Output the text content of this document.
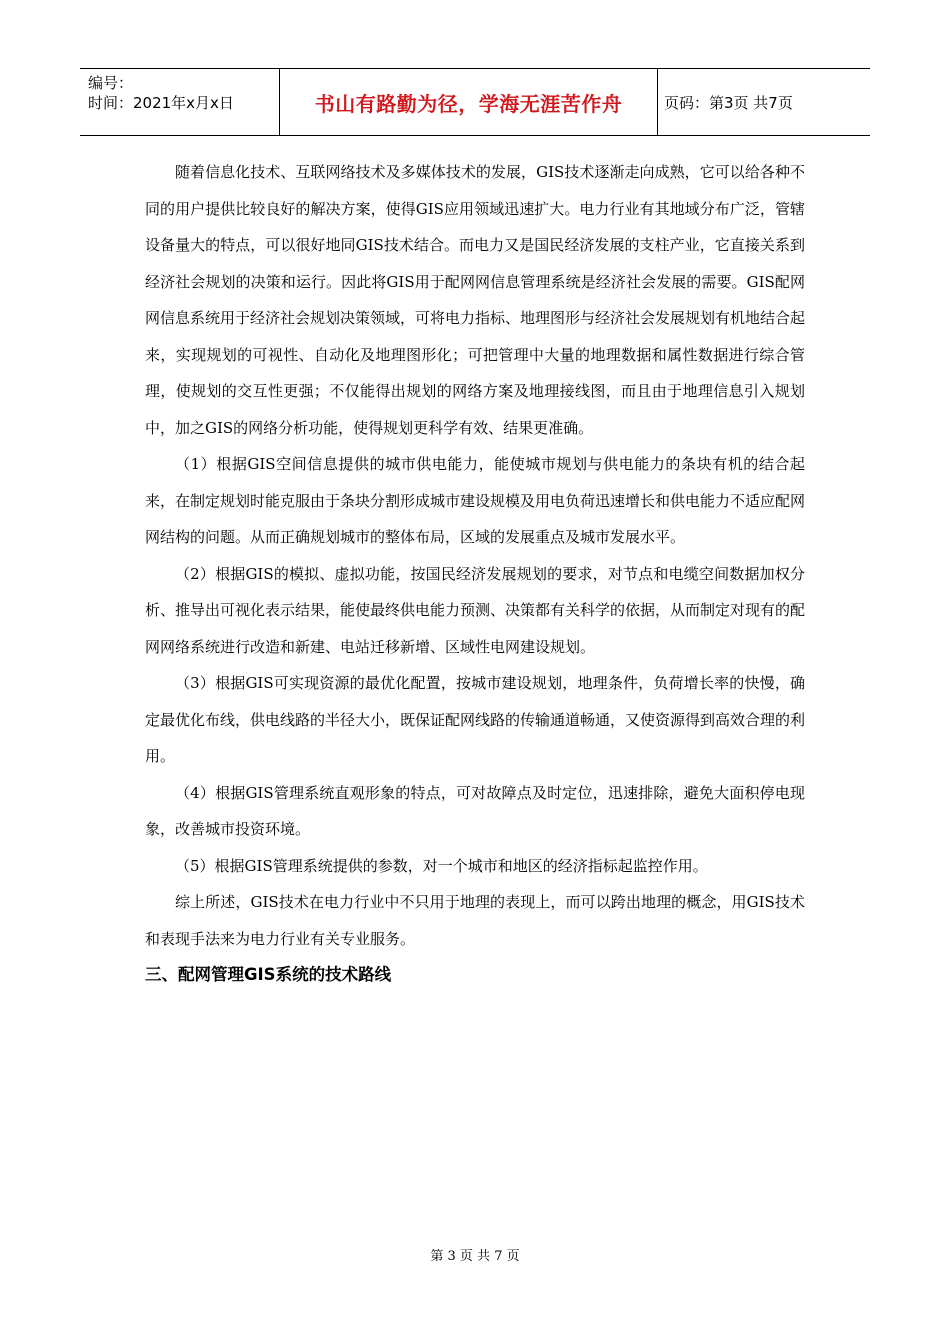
编号：
时间：2021年x月x日	书山有路勤为径，学海无涯苦作舟	页码：第3页 共7页

随着信息化技术、互联网络技术及多媒体技术的发展，GIS技术逐渐走向成熟，它可以给各种不同的用户提供比较良好的解决方案，使得GIS应用领域迅速扩大。电力行业有其地域分布广泛，管辖设备量大的特点，可以很好地同GIS技术结合。而电力又是国民经济发展的支柱产业，它直接关系到经济社会规划的决策和运行。因此将GIS用于配网网信息管理系统是经济社会发展的需要。GIS配网网信息系统用于经济社会规划决策领域，可将电力指标、地理图形与经济社会发展规划有机地结合起来，实现规划的可视性、自动化及地理图形化；可把管理中大量的地理数据和属性数据进行综合管理，使规划的交互性更强；不仅能得出规划的网络方案及地理接线图，而且由于地理信息引入规划中，加之GIS的网络分析功能，使得规划更科学有效、结果更准确。

（1）根据GIS空间信息提供的城市供电能力，能使城市规划与供电能力的条块有机的结合起来，在制定规划时能克服由于条块分割形成城市建设规模及用电负荷迅速增长和供电能力不适应配网网结构的问题。从而正确规划城市的整体布局，区域的发展重点及城市发展水平。

（2）根据GIS的模拟、虚拟功能，按国民经济发展规划的要求，对节点和电缆空间数据加权分析、推导出可视化表示结果，能使最终供电能力预测、决策都有关科学的依据，从而制定对现有的配网网络系统进行改造和新建、电站迁移新增、区域性电网建设规划。

（3）根据GIS可实现资源的最优化配置，按城市建设规划，地理条件，负荷增长率的快慢，确定最优化布线，供电线路的半径大小，既保证配网线路的传输通道畅通，又使资源得到高效合理的利用。

（4）根据GIS管理系统直观形象的特点，可对故障点及时定位，迅速排除，避免大面积停电现象，改善城市投资环境。

（5）根据GIS管理系统提供的参数，对一个城市和地区的经济指标起监控作用。

综上所述，GIS技术在电力行业中不只用于地理的表现上，而可以跨出地理的概念，用GIS技术和表现手法来为电力行业有关专业服务。

三、配网管理GIS系统的技术路线

第 3 页 共 7 页
